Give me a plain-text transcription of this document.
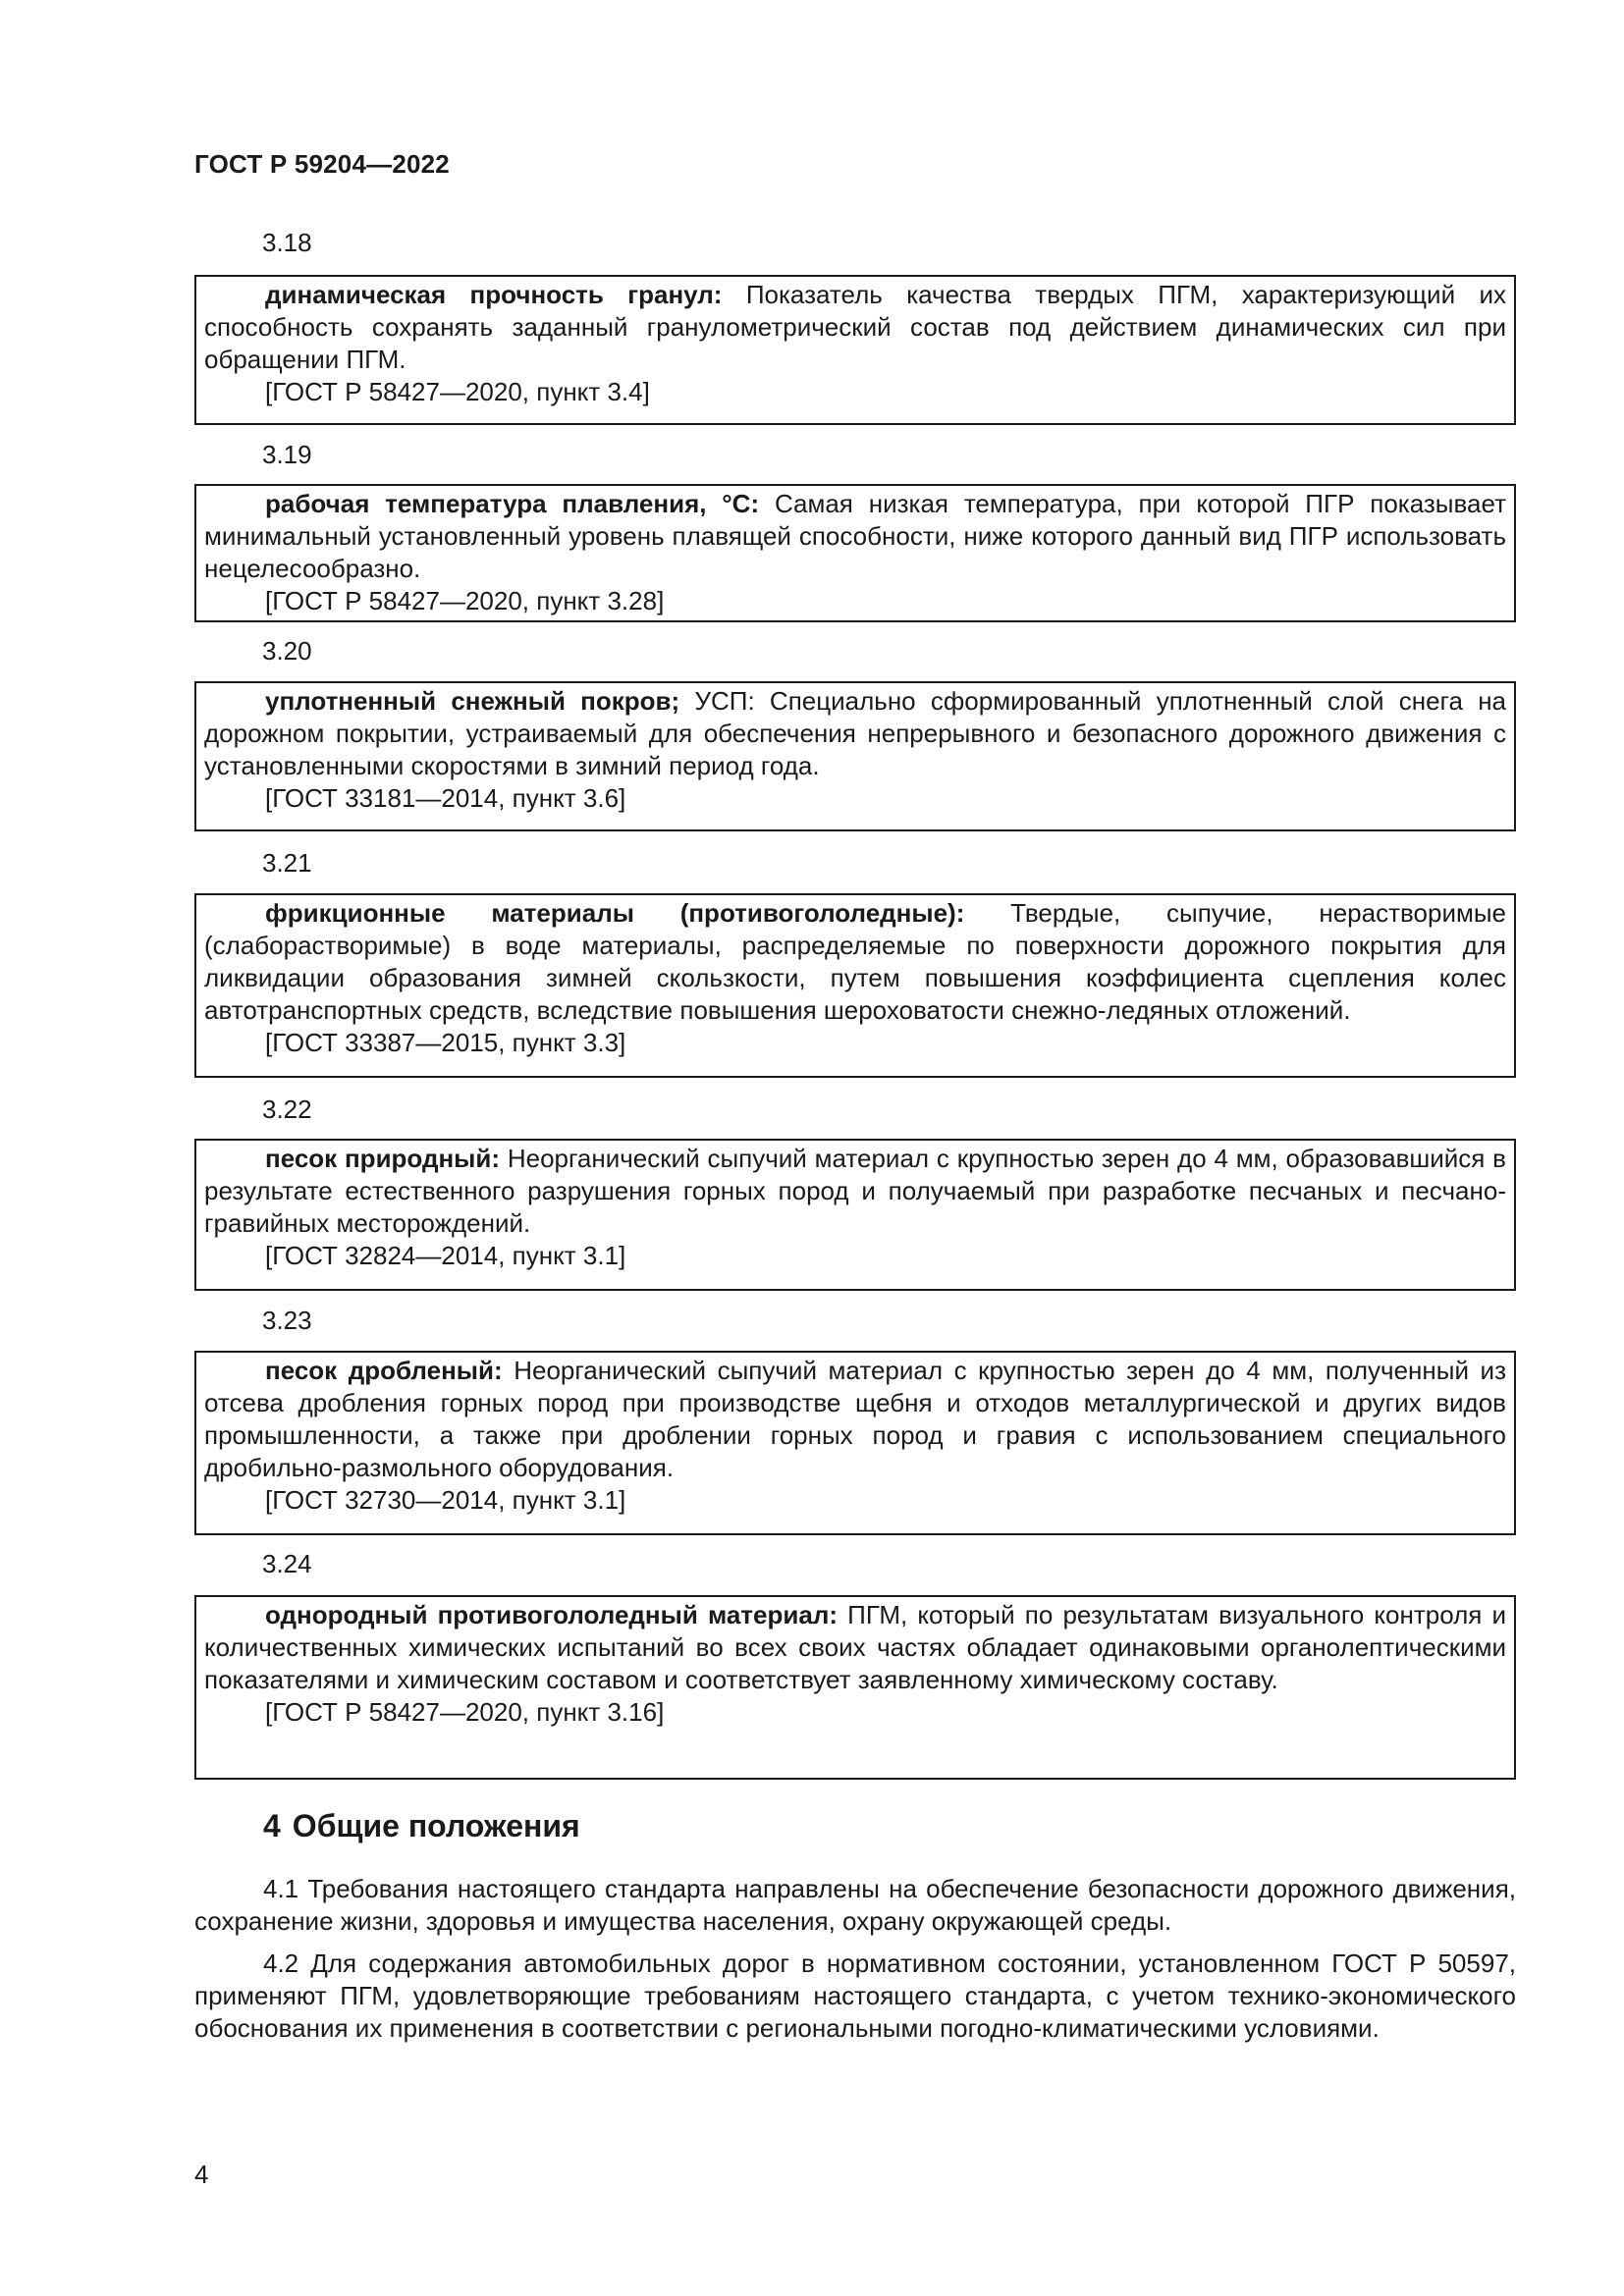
ГОСТ Р 59204—2022
3.18

динамическая прочность гранул: Показатель качества твердых ПГМ, характеризующий их способность сохранять заданный гранулометрический состав под действием динамических сил при обращении ПГМ.

[ГОСТ Р 58427—2020, пункт 3.4]

3.19

рабочая температура плавления, °С: Самая низкая температура, при которой ПГР показывает минимальный установленный уровень плавящей способности, ниже которого данный вид ПГР использовать нецелесообразно.

[ГОСТ Р 58427—2020, пункт 3.28]

3.20

уплотненный снежный покров; УСП: Специально сформированный уплотненный слой снега на дорожном покрытии, устраиваемый для обеспечения непрерывного и безопасного дорожного движения с установленными скоростями в зимний период года.

[ГОСТ 33181—2014, пункт 3.6]

3.21

фрикционные материалы (противогололедные): Твердые, сыпучие, нерастворимые (слаборастворимые) в воде материалы, распределяемые по поверхности дорожного покрытия для ликвидации образования зимней скользкости, путем повышения коэффициента сцепления колес автотранспортных средств, вследствие повышения шероховатости снежно-ледяных отложений.

[ГОСТ 33387—2015, пункт 3.3]

3.22

песок природный: Неорганический сыпучий материал с крупностью зерен до 4 мм, образовавшийся в результате естественного разрушения горных пород и получаемый при разработке песчаных и песчано-гравийных месторождений.

[ГОСТ 32824—2014, пункт 3.1]

3.23

песок дробленый: Неорганический сыпучий материал с крупностью зерен до 4 мм, полученный из отсева дробления горных пород при производстве щебня и отходов металлургической и других видов промышленности, а также при дроблении горных пород и гравия с использованием специального дробильно-размольного оборудования.

[ГОСТ 32730—2014, пункт 3.1]

3.24

однородный противогололедный материал: ПГМ, который по результатам визуального контроля и количественных химических испытаний во всех своих частях обладает одинаковыми органолептическими показателями и химическим составом и соответствует заявленному химическому составу.

[ГОСТ Р 58427—2020, пункт 3.16]

4 Общие положения

4.1 Требования настоящего стандарта направлены на обеспечение безопасности дорожного движения, сохранение жизни, здоровья и имущества населения, охрану окружающей среды.

4.2 Для содержания автомобильных дорог в нормативном состоянии, установленном ГОСТ Р 50597, применяют ПГМ, удовлетворяющие требованиям настоящего стандарта, с учетом технико-экономического обоснования их применения в соответствии с региональными погодно-климатическими условиями.

4
